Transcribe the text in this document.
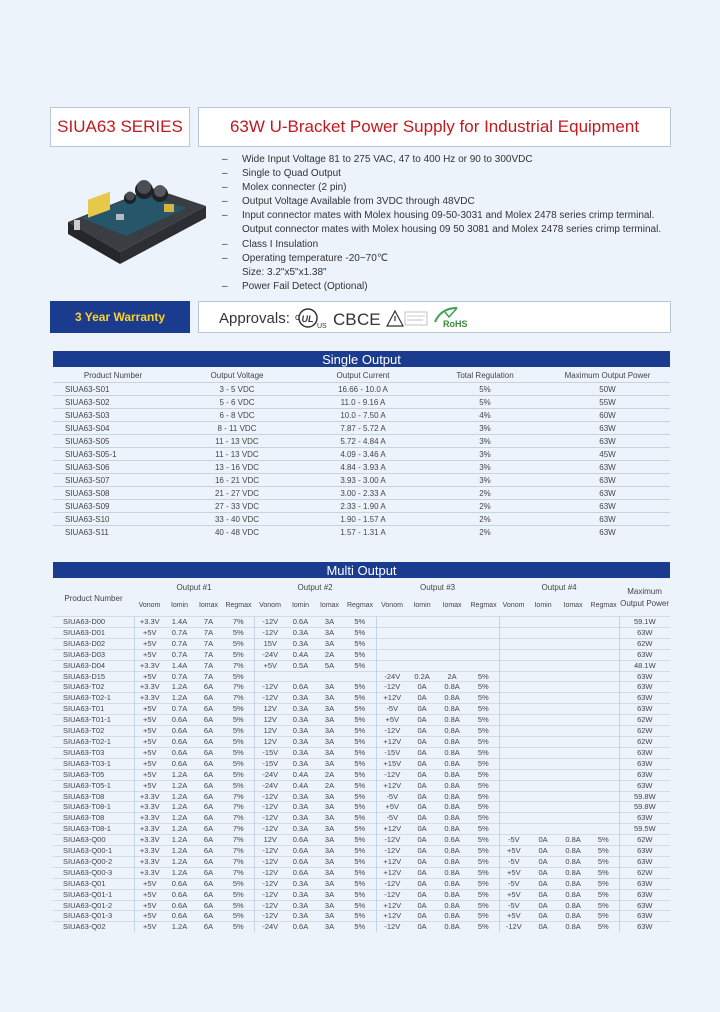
SIUA63 SERIES	63W U-Bracket Power Supply for Industrial Equipment
– Wide Input Voltage 81 to 275 VAC, 47 to 400 Hz or 90 to 300VDC
– Single to Quad Output
– Molex connecter (2 pin)
– Output Voltage Available from 3VDC through 48VDC
– Input connector mates with Molex housing 09-50-3031 and Molex 2478 series crimp terminal.
Output connector mates with Molex housing 09 50 3081 and Molex 2478 series crimp terminal.
– Class I Insulation
– Operating temperature -20~70℃
Size: 3.2"x5"x1.38"
– Power Fail Detect (Optional)
3 Year Warranty	Approvals: c UL
US CB CE	RoHS
Single Output
Product Number	Output Voltage	Output Current	Total Regulation	Maximum Output Power
SIUA63-S01	3 - 5 VDC	16.66 - 10.0 A	5%	50W
SIUA63-S02	5 - 6 VDC	11.0 - 9.16 A	5%	55W
SIUA63-S03	6 - 8 VDC	10.0 - 7.50 A	4%	60W
SIUA63-S04	8 - 11 VDC	7.87 - 5.72 A	3%	63W
SIUA63-S05	11 - 13 VDC	5.72 - 4.84 A	3%	63W
SIUA63-S05-1	11 - 13 VDC	4.09 - 3.46 A	3%	45W
SIUA63-S06	13 - 16 VDC	4.84 - 3.93 A	3%	63W
SIUA63-S07	16 - 21 VDC	3.93 - 3.00 A	3%	63W
SIUA63-S08	21 - 27 VDC	3.00 - 2.33 A	2%	63W
SIUA63-S09	27 - 33 VDC	2.33 - 1.90 A	2%	63W
SIUA63-S10	33 - 40 VDC	1.90 - 1.57 A	2%	63W
SIUA63-S11	40 - 48 VDC	1.57 - 1.31 A	2%	63W
Multi Output
Product Number	Output #1				Output #2				Output #3				Output #4				Maximum Output Power
	Vonom	Iomin	Iomax	Regmax	Vonom	Iomin	Iomax	Regmax	Vonom	Iomin	Iomax	Regmax	Vonom	Iomin	Iomax	Regmax	
SIUA63-D00	+3.3V	1.4A	7A	7%	-12V	0.6A	3A	5%									59.1W
SIUA63-D01	+5V	0.7A	7A	5%	-12V	0.3A	3A	5%									63W
SIUA63-D02	+5V	0.7A	7A	5%	15V	0.3A	3A	5%									62W
SIUA63-D03	+5V	0.7A	7A	5%	-24V	0.4A	2A	5%									63W
SIUA63-D04	+3.3V	1.4A	7A	7%	+5V	0.5A	5A	5%									48.1W
SIUA63-D15	+5V	0.7A	7A	5%					-24V	0.2A	2A	5%					63W
SIUA63-T02	+3.3V	1.2A	6A	7%	-12V	0.6A	3A	5%	-12V	0A	0.8A	5%					63W
SIUA63-T02-1	+3.3V	1.2A	6A	7%	-12V	0.3A	3A	5%	+12V	0A	0.8A	5%					63W
SIUA63-T01	+5V	0.7A	6A	5%	12V	0.3A	3A	5%	-5V	0A	0.8A	5%					63W
SIUA63-T01-1	+5V	0.6A	6A	5%	12V	0.3A	3A	5%	+5V	0A	0.8A	5%					62W
SIUA63-T02	+5V	0.6A	6A	5%	12V	0.3A	3A	5%	-12V	0A	0.8A	5%					62W
SIUA63-T02-1	+5V	0.6A	6A	5%	12V	0.3A	3A	5%	+12V	0A	0.8A	5%					62W
SIUA63-T03	+5V	0.6A	6A	5%	-15V	0.3A	3A	5%	-15V	0A	0.8A	5%					63W
SIUA63-T03-1	+5V	0.6A	6A	5%	-15V	0.3A	3A	5%	+15V	0A	0.8A	5%					63W
SIUA63-T05	+5V	1.2A	6A	5%	-24V	0.4A	2A	5%	-12V	0A	0.8A	5%					63W
SIUA63-T05-1	+5V	1.2A	6A	5%	-24V	0.4A	2A	5%	+12V	0A	0.8A	5%					63W
SIUA63-T08	+3.3V	1.2A	6A	7%	-12V	0.3A	3A	5%	-5V	0A	0.8A	5%					59.8W
SIUA63-T08-1	+3.3V	1.2A	6A	7%	-12V	0.3A	3A	5%	+5V	0A	0.8A	5%					59.8W
SIUA63-T08	+3.3V	1.2A	6A	7%	-12V	0.3A	3A	5%	-5V	0A	0.8A	5%					63W
SIUA63-T08-1	+3.3V	1.2A	6A	7%	-12V	0.3A	3A	5%	+12V	0A	0.8A	5%					59.5W
SIUA63-Q00	+3.3V	1.2A	6A	7%	12V	0.6A	3A	5%	-12V	0A	0.6A	5%	-5V	0A	0.8A	5%	62W
SIUA63-Q00-1	+3.3V	1.2A	6A	7%	-12V	0.6A	3A	5%	-12V	0A	0.8A	5%	+5V	0A	0.8A	5%	63W
SIUA63-Q00-2	+3.3V	1.2A	6A	7%	-12V	0.6A	3A	5%	+12V	0A	0.8A	5%	-5V	0A	0.8A	5%	63W
SIUA63-Q00-3	+3.3V	1.2A	6A	7%	-12V	0.6A	3A	5%	+12V	0A	0.8A	5%	+5V	0A	0.8A	5%	62W
SIUA63-Q01	+5V	0.6A	6A	5%	-12V	0.3A	3A	5%	-12V	0A	0.8A	5%	-5V	0A	0.8A	5%	63W
SIUA63-Q01-1	+5V	0.6A	6A	5%	-12V	0.3A	3A	5%	-12V	0A	0.8A	5%	+5V	0A	0.8A	5%	63W
SIUA63-Q01-2	+5V	0.6A	6A	5%	-12V	0.3A	3A	5%	+12V	0A	0.8A	5%	-5V	0A	0.8A	5%	63W
SIUA63-Q01-3	+5V	0.6A	6A	5%	-12V	0.3A	3A	5%	+12V	0A	0.8A	5%	+5V	0A	0.8A	5%	63W
SIUA63-Q02	+5V	1.2A	6A	5%	-24V	0.6A	3A	5%	-12V	0A	0.8A	5%	-12V	0A	0.8A	5%	63W
